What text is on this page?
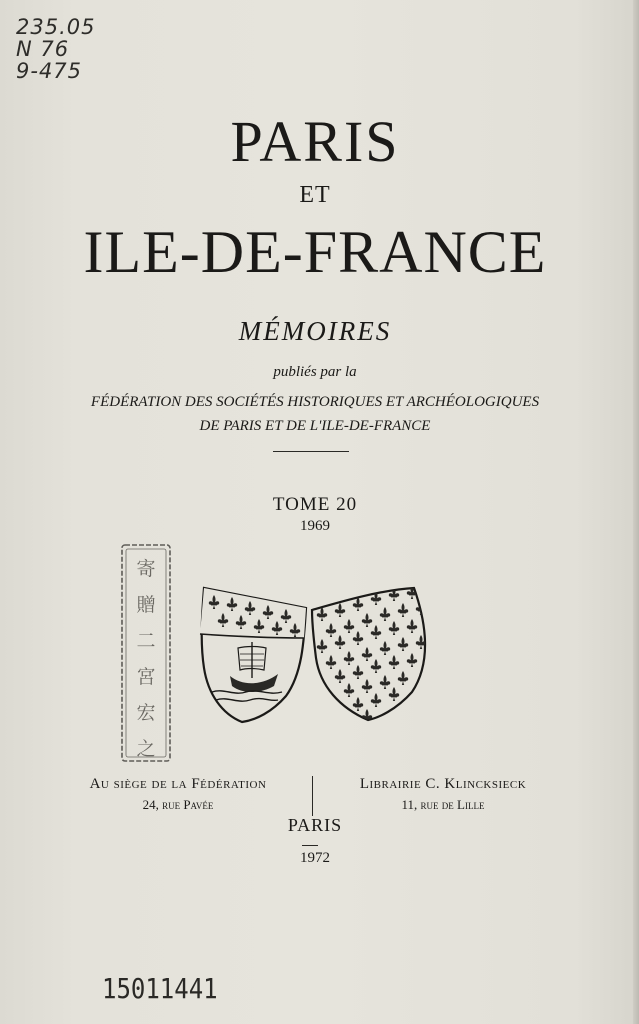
235.05
N 76
9-475
PARIS
ET
ILE-DE-FRANCE
MÉMOIRES
publiés par la
FÉDÉRATION DES SOCIÉTÉS HISTORIQUES ET ARCHÉOLOGIQUES
DE PARIS ET DE L'ILE-DE-FRANCE
TOME 20
1969
寄
贈
二
宮
宏
之
Au siège de la Fédération
24, rue Pavée
Librairie C. Klincksieck
11, rue de Lille
PARIS
1972
15011441
